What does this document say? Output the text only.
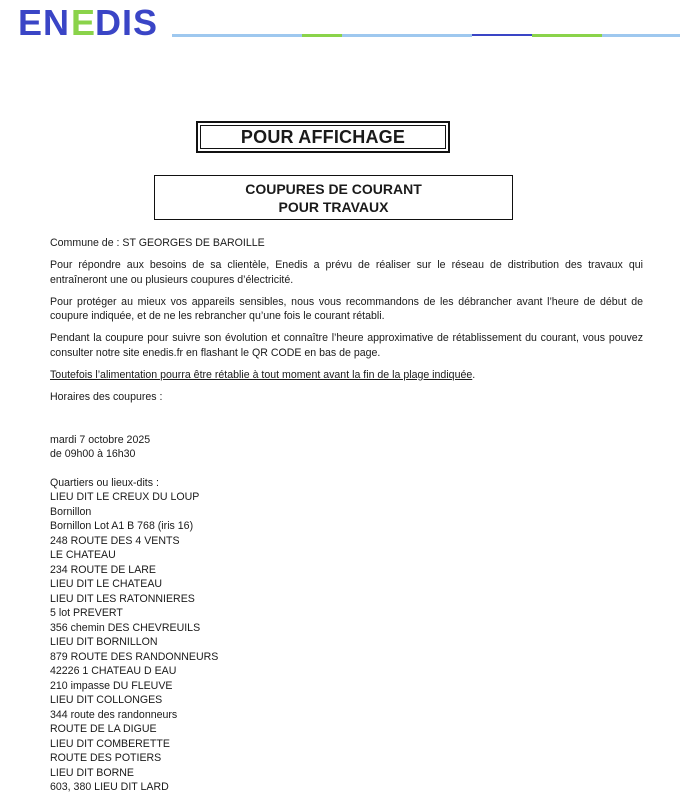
EN E DIS
POUR AFFICHAGE
COUPURES DE COURANT
POUR TRAVAUX

Commune de : ST GEORGES DE BAROILLE

Pour répondre aux besoins de sa clientèle, Enedis a prévu de réaliser sur le réseau de distribution des travaux qui entraîneront une ou plusieurs coupures d’électricité.

Pour protéger au mieux vos appareils sensibles, nous vous recommandons de les débrancher avant l’heure de début de coupure indiquée, et de ne les rebrancher qu’une fois le courant rétabli.

Pendant la coupure pour suivre son évolution et connaître l’heure approximative de rétablissement du courant, vous pouvez consulter notre site enedis.fr en flashant le QR CODE en bas de page.

Toutefois l’alimentation pourra être rétablie à tout moment avant la fin de la plage indiquée.

Horaires des coupures :

mardi 7 octobre 2025
de 09h00 à 16h30
Quartiers ou lieux-dits :
LIEU DIT LE CREUX DU LOUP
Bornillon
Bornillon Lot A1 B 768 (iris 16)
248 ROUTE DES 4 VENTS
LE CHATEAU
234 ROUTE DE LARE
LIEU DIT LE CHATEAU
LIEU DIT LES RATONNIERES
5 lot PREVERT
356 chemin DES CHEVREUILS
LIEU DIT BORNILLON
879 ROUTE DES RANDONNEURS
42226 1 CHATEAU D EAU
210 impasse DU FLEUVE
LIEU DIT COLLONGES
344 route des randonneurs
ROUTE DE LA DIGUE
LIEU DIT COMBERETTE
ROUTE DES POTIERS
LIEU DIT BORNE
603, 380 LIEU DIT LARD
